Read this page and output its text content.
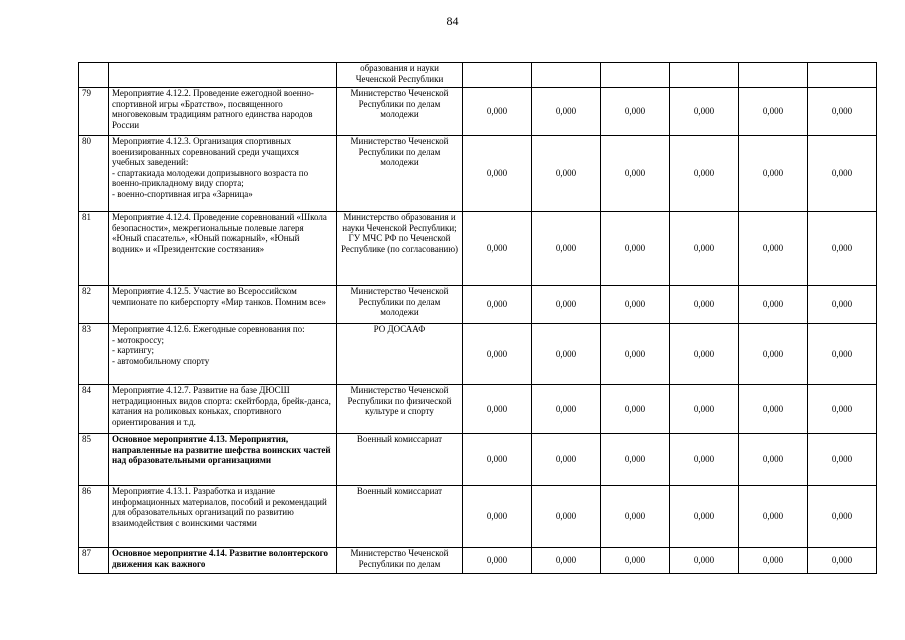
84
		образования и науки Чеченской Республики						
79	Мероприятие 4.12.2. Проведение ежегодной военно-спортивной игры «Братство», посвященного многовековым традициям ратного единства народов России	Министерство Чеченской Республики по делам молодежи	0,000	0,000	0,000	0,000	0,000	0,000
80	Мероприятие 4.12.3. Организация спортивных военизированных соревнований среди учащихся учебных заведений:
- спартакиада молодежи допризывного возраста по военно-прикладному виду спорта;
- военно-спортивная игра «Зарница»	Министерство Чеченской Республики по делам молодежи	0,000	0,000	0,000	0,000	0,000	0,000
81	Мероприятие 4.12.4. Проведение соревнований «Школа безопасности», межрегиональные полевые лагеря «Юный спасатель», «Юный пожарный», «Юный водник» и «Президентские состязания»	Министерство образования и науки Чеченской Республики; ГУ МЧС РФ по Чеченской Республике (по согласованию)	0,000	0,000	0,000	0,000	0,000	0,000
82	Мероприятие 4.12.5. Участие во Всероссийском чемпионате по киберспорту «Мир танков. Помним все»	Министерство Чеченской Республики по делам молодежи	0,000	0,000	0,000	0,000	0,000	0,000
83	Мероприятие 4.12.6. Ежегодные соревнования по:
- мотокроссу;
- картингу;
- автомобильному спорту	РО ДОСААФ	0,000	0,000	0,000	0,000	0,000	0,000
84	Мероприятие 4.12.7. Развитие на базе ДЮСШ нетрадиционных видов спорта: скейтборда, брейк-данса, катания на роликовых коньках, спортивного ориентирования и т.д.	Министерство Чеченской Республики по физической культуре и спорту	0,000	0,000	0,000	0,000	0,000	0,000
85	Основное мероприятие 4.13. Мероприятия, направленные на развитие шефства воинских частей над образовательными организациями	Военный комиссариат	0,000	0,000	0,000	0,000	0,000	0,000
86	Мероприятие 4.13.1. Разработка и издание информационных материалов, пособий и рекомендаций для образовательных организаций по развитию взаимодействия с воинскими частями	Военный комиссариат	0,000	0,000	0,000	0,000	0,000	0,000
87	Основное мероприятие 4.14. Развитие волонтерского движения как важного	Министерство Чеченской Республики по делам	0,000	0,000	0,000	0,000	0,000	0,000
